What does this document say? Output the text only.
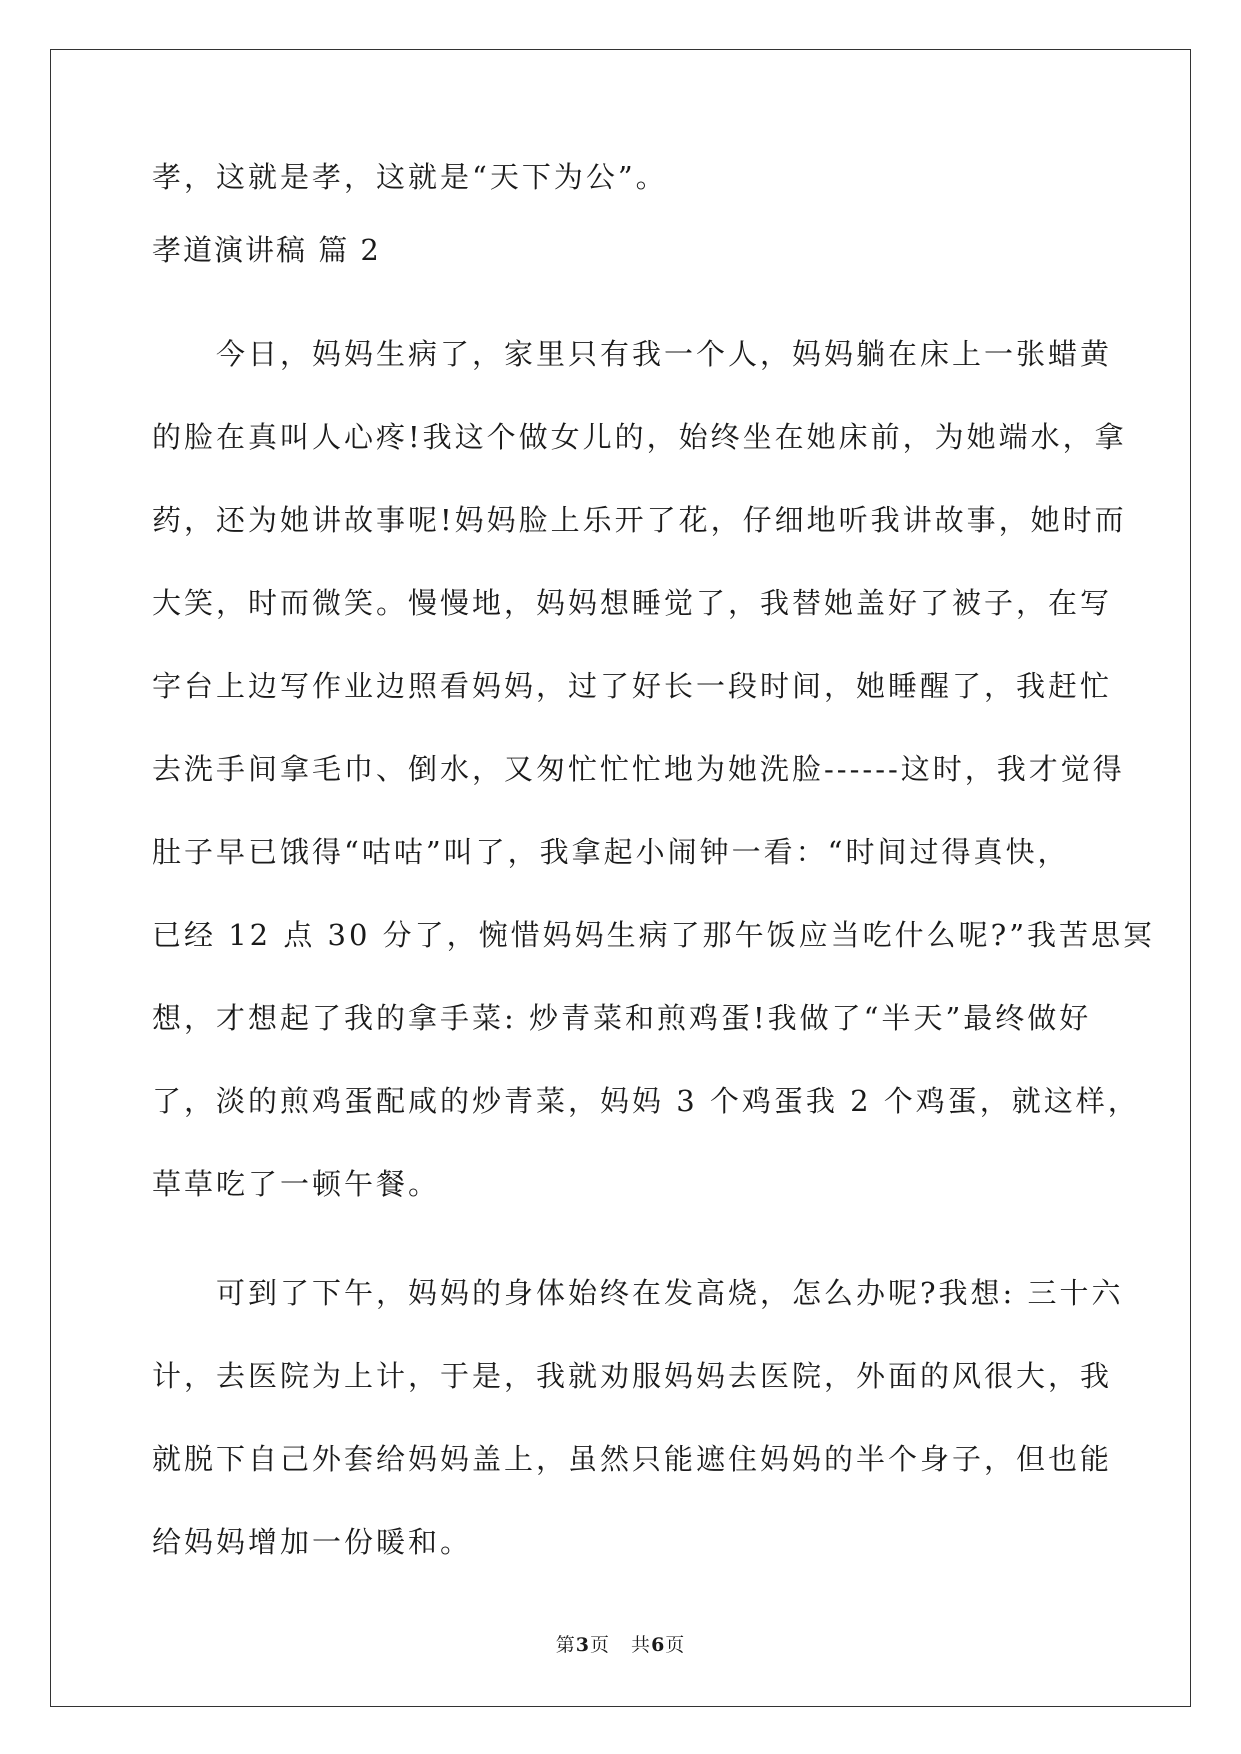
孝，这就是孝，这就是“天下为公”。

孝道演讲稿 篇 2

今日，妈妈生病了，家里只有我一个人，妈妈躺在床上一张蜡黄

的脸在真叫人心疼!我这个做女儿的，始终坐在她床前，为她端水，拿

药，还为她讲故事呢!妈妈脸上乐开了花，仔细地听我讲故事，她时而

大笑，时而微笑。慢慢地，妈妈想睡觉了，我替她盖好了被子，在写

字台上边写作业边照看妈妈，过了好长一段时间，她睡醒了，我赶忙

去洗手间拿毛巾、倒水，又匆忙忙忙地为她洗脸------这时，我才觉得

肚子早已饿得“咕咕”叫了，我拿起小闹钟一看：“时间过得真快，

已经 12 点 30 分了，惋惜妈妈生病了那午饭应当吃什么呢?”我苦思冥

想，才想起了我的拿手菜: 炒青菜和煎鸡蛋!我做了“半天”最终做好

了，淡的煎鸡蛋配咸的炒青菜，妈妈 3 个鸡蛋我 2 个鸡蛋，就这样，

草草吃了一顿午餐。

可到了下午，妈妈的身体始终在发高烧，怎么办呢?我想: 三十六

计，去医院为上计，于是，我就劝服妈妈去医院，外面的风很大，我

就脱下自己外套给妈妈盖上，虽然只能遮住妈妈的半个身子，但也能

给妈妈增加一份暖和。

第3页   共6页
